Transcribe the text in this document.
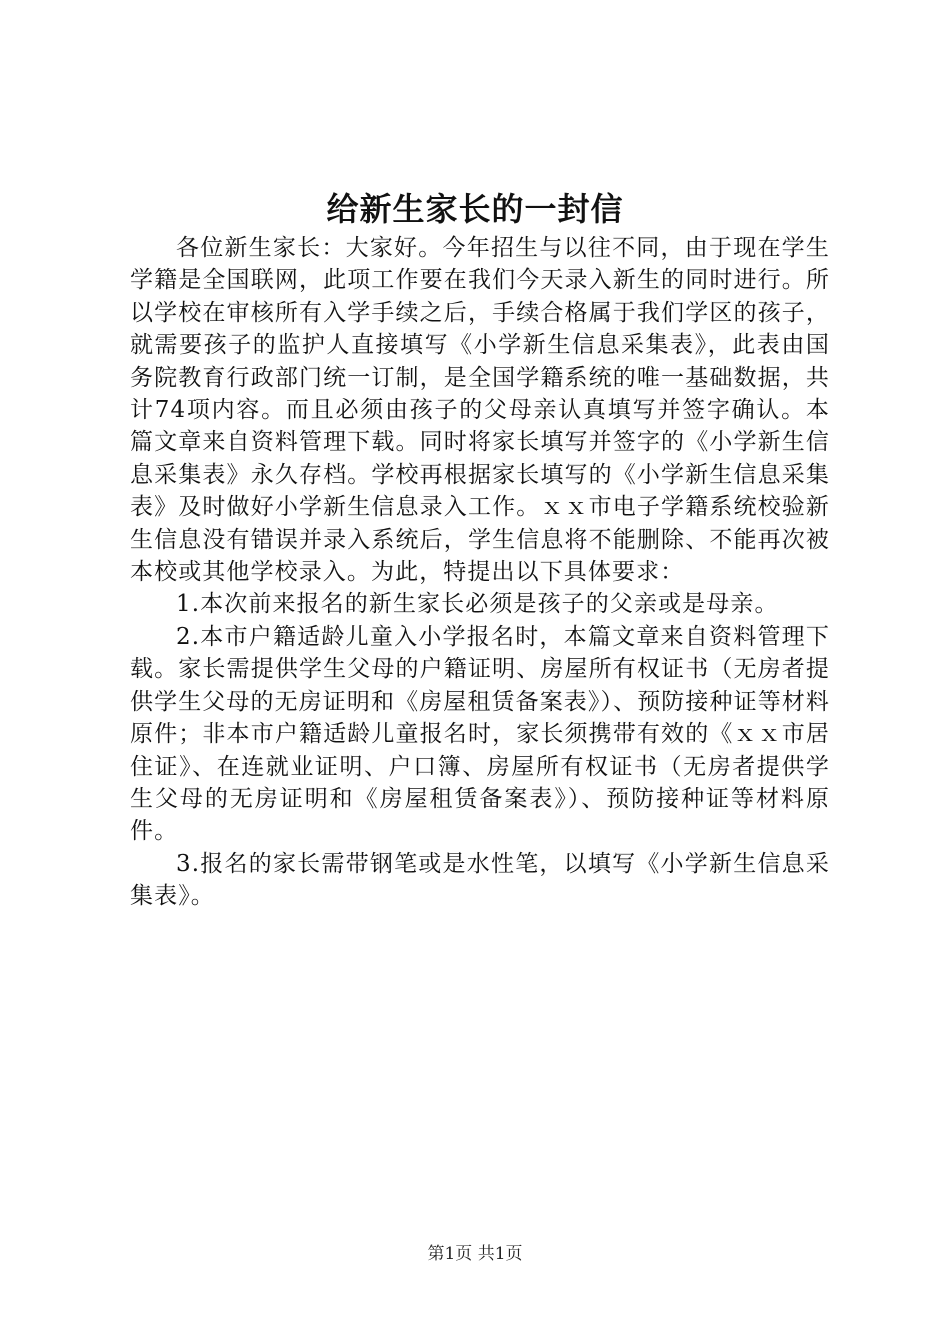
给新生家长的一封信

各位新生家长：大家好。今年招生与以往不同，由于现在学生学籍是全国联网，此项工作要在我们今天录入新生的同时进行。所以学校在审核所有入学手续之后，手续合格属于我们学区的孩子，就需要孩子的监护人直接填写《小学新生信息采集表》，此表由国务院教育行政部门统一订制，是全国学籍系统的唯一基础数据，共计74项内容。而且必须由孩子的父母亲认真填写并签字确认。本篇文章来自资料管理下载。同时将家长填写并签字的《小学新生信息采集表》永久存档。学校再根据家长填写的《小学新生信息采集表》及时做好小学新生信息录入工作。ｘｘ市电子学籍系统校验新生信息没有错误并录入系统后，学生信息将不能删除、不能再次被本校或其他学校录入。为此，特提出以下具体要求：

1.本次前来报名的新生家长必须是孩子的父亲或是母亲。

2.本市户籍适龄儿童入小学报名时，本篇文章来自资料管理下载。家长需提供学生父母的户籍证明、房屋所有权证书（无房者提供学生父母的无房证明和《房屋租赁备案表》）、预防接种证等材料原件；非本市户籍适龄儿童报名时，家长须携带有效的《ｘｘ市居住证》、在连就业证明、户口簿、房屋所有权证书（无房者提供学生父母的无房证明和《房屋租赁备案表》）、预防接种证等材料原件。

3.报名的家长需带钢笔或是水性笔，以填写《小学新生信息采集表》。

第1页 共1页
